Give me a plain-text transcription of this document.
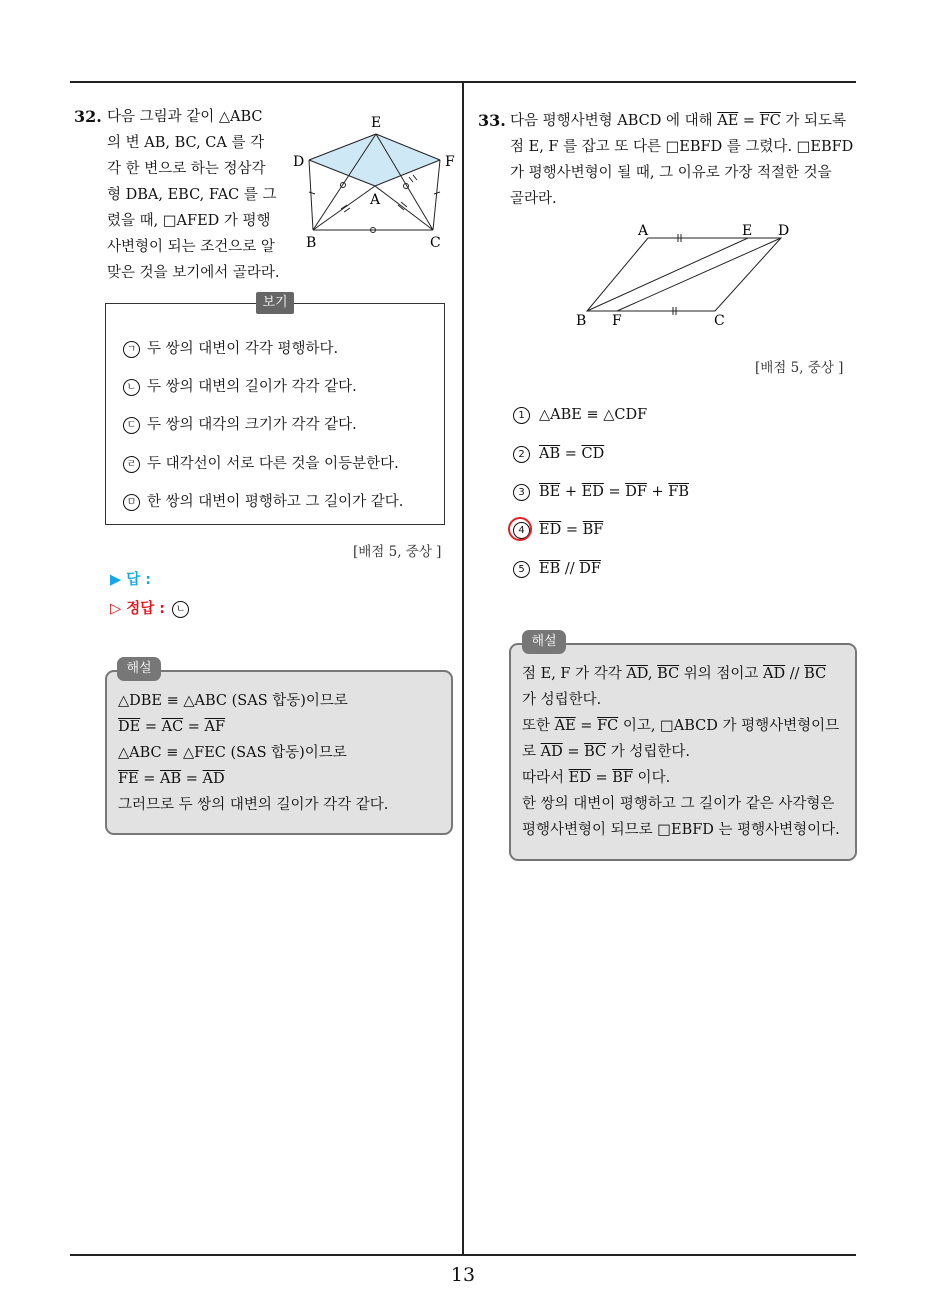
13
32. 다음 그림과 같이 △ABC
의 변 AB, BC, CA 를 각
각 한 변으로 하는 정삼각
형 DBA, EBC, FAC 를 그
렸을 때, □AFED 가 평행
사변형이 되는 조건으로 알
맞은 것을 보기에서 골라라.
E
D	F
A
B	C
보기
ㄱ 두 쌍의 대변이 각각 평행하다.
ㄴ 두 쌍의 대변의 길이가 각각 같다.
ㄷ 두 쌍의 대각의 크기가 각각 같다.
ㄹ 두 대각선이 서로 다른 것을 이등분한다.
ㅁ 한 쌍의 대변이 평행하고 그 길이가 같다.
[배점 5, 중상 ]
▶ 답 :
▷ 정답 : ㄴ
해설
△DBE ≡ △ABC (SAS 합동)이므로
$\overline{DE} = \overline{AC} = \overline{AF}$
△ABC ≡ △FEC (SAS 합동)이므로
$\overline{FE} = \overline{AB} = \overline{AD}$
그러므로 두 쌍의 대변의 길이가 각각 같다.
33. 다음 평행사변형 ABCD 에 대해 $\overline{AE} = \overline{FC}$ 가 되도록
점 E, F 를 잡고 또 다른 □EBFD 를 그렸다. □EBFD
가 평행사변형이 될 때, 그 이유로 가장 적절한 것을
골라라.
A	E D
B F	C
[배점 5, 중상 ]
1 △ABE ≡ △CDF
2 $\overline{AB} = \overline{CD}$
3 $\overline{BE} + \overline{ED} = \overline{DF} + \overline{FB}$
4 $\overline{ED} = \overline{BF}$
5 $\overline{EB} // \overline{DF}$
해설
점 E, F 가 각각 $\overline{AD}$, $\overline{BC}$ 위의 점이고 $\overline{AD} // \overline{BC}$
가 성립한다.
또한 $\overline{AE} = \overline{FC}$ 이고, □ABCD 가 평행사변형이므
로 $\overline{AD} = \overline{BC}$ 가 성립한다.
따라서 $\overline{ED} = \overline{BF}$ 이다.
한 쌍의 대변이 평행하고 그 길이가 같은 사각형은
평행사변형이 되므로 □EBFD 는 평행사변형이다.
